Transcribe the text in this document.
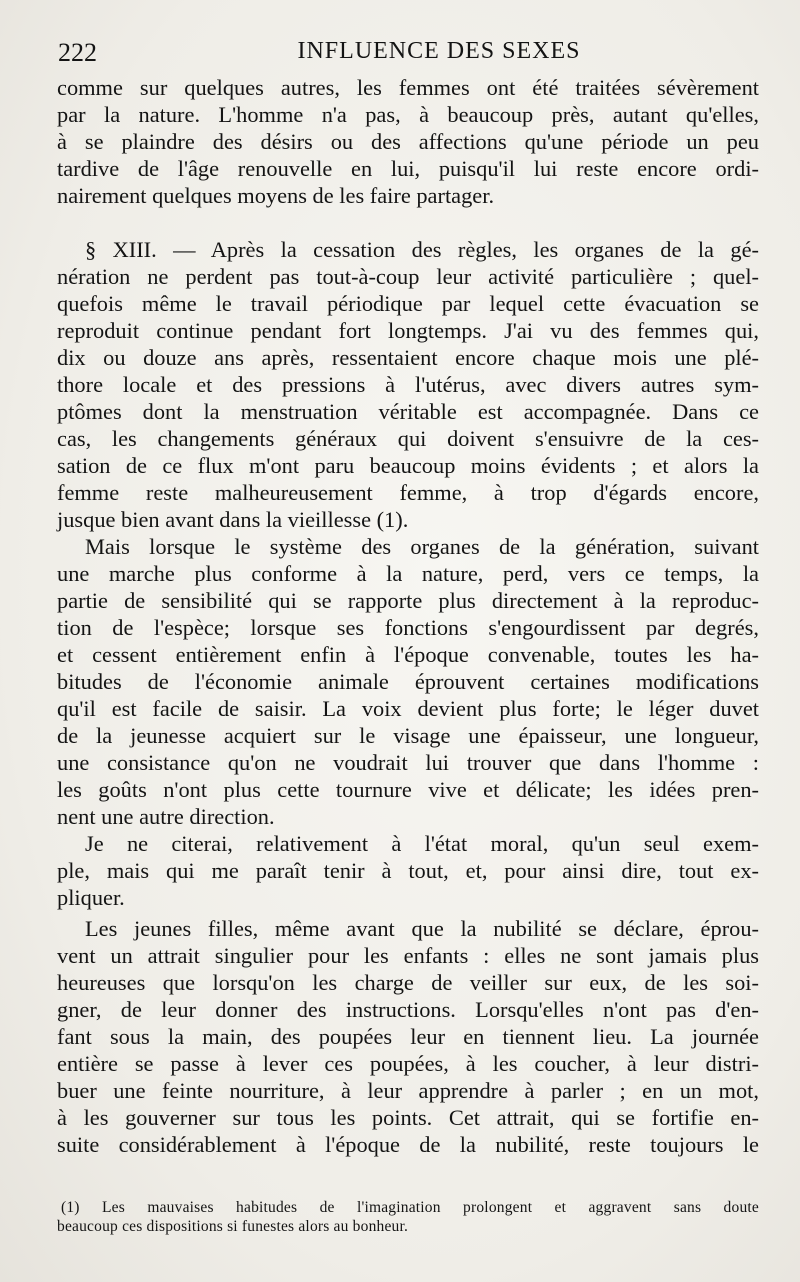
222	INFLUENCE DES SEXES

comme sur quelques autres, les femmes ont été traitées sévèrement
par la nature. L'homme n'a pas, à beaucoup près, autant qu'elles,
à se plaindre des désirs ou des affections qu'une période un peu
tardive de l'âge renouvelle en lui, puisqu'il lui reste encore ordi-
nairement quelques moyens de les faire partager.

§ XIII. — Après la cessation des règles, les organes de la gé-
nération ne perdent pas tout-à-coup leur activité particulière ; quel-
quefois même le travail périodique par lequel cette évacuation se
reproduit continue pendant fort longtemps. J'ai vu des femmes qui,
dix ou douze ans après, ressentaient encore chaque mois une plé-
thore locale et des pressions à l'utérus, avec divers autres sym-
ptômes dont la menstruation véritable est accompagnée. Dans ce
cas, les changements généraux qui doivent s'ensuivre de la ces-
sation de ce flux m'ont paru beaucoup moins évidents ; et alors la
femme reste malheureusement femme, à trop d'égards encore,
jusque bien avant dans la vieillesse (1).

Mais lorsque le système des organes de la génération, suivant
une marche plus conforme à la nature, perd, vers ce temps, la
partie de sensibilité qui se rapporte plus directement à la reproduc-
tion de l'espèce; lorsque ses fonctions s'engourdissent par degrés,
et cessent entièrement enfin à l'époque convenable, toutes les ha-
bitudes de l'économie animale éprouvent certaines modifications
qu'il est facile de saisir. La voix devient plus forte; le léger duvet
de la jeunesse acquiert sur le visage une épaisseur, une longueur,
une consistance qu'on ne voudrait lui trouver que dans l'homme :
les goûts n'ont plus cette tournure vive et délicate; les idées pren-
nent une autre direction.

Je ne citerai, relativement à l'état moral, qu'un seul exem-
ple, mais qui me paraît tenir à tout, et, pour ainsi dire, tout ex-
pliquer.

Les jeunes filles, même avant que la nubilité se déclare, éprou-
vent un attrait singulier pour les enfants : elles ne sont jamais plus
heureuses que lorsqu'on les charge de veiller sur eux, de les soi-
gner, de leur donner des instructions. Lorsqu'elles n'ont pas d'en-
fant sous la main, des poupées leur en tiennent lieu. La journée
entière se passe à lever ces poupées, à les coucher, à leur distri-
buer une feinte nourriture, à leur apprendre à parler ; en un mot,
à les gouverner sur tous les points. Cet attrait, qui se fortifie en-
suite considérablement à l'époque de la nubilité, reste toujours le

(1) Les mauvaises habitudes de l'imagination prolongent et aggravent sans doute
beaucoup ces dispositions si funestes alors au bonheur.
